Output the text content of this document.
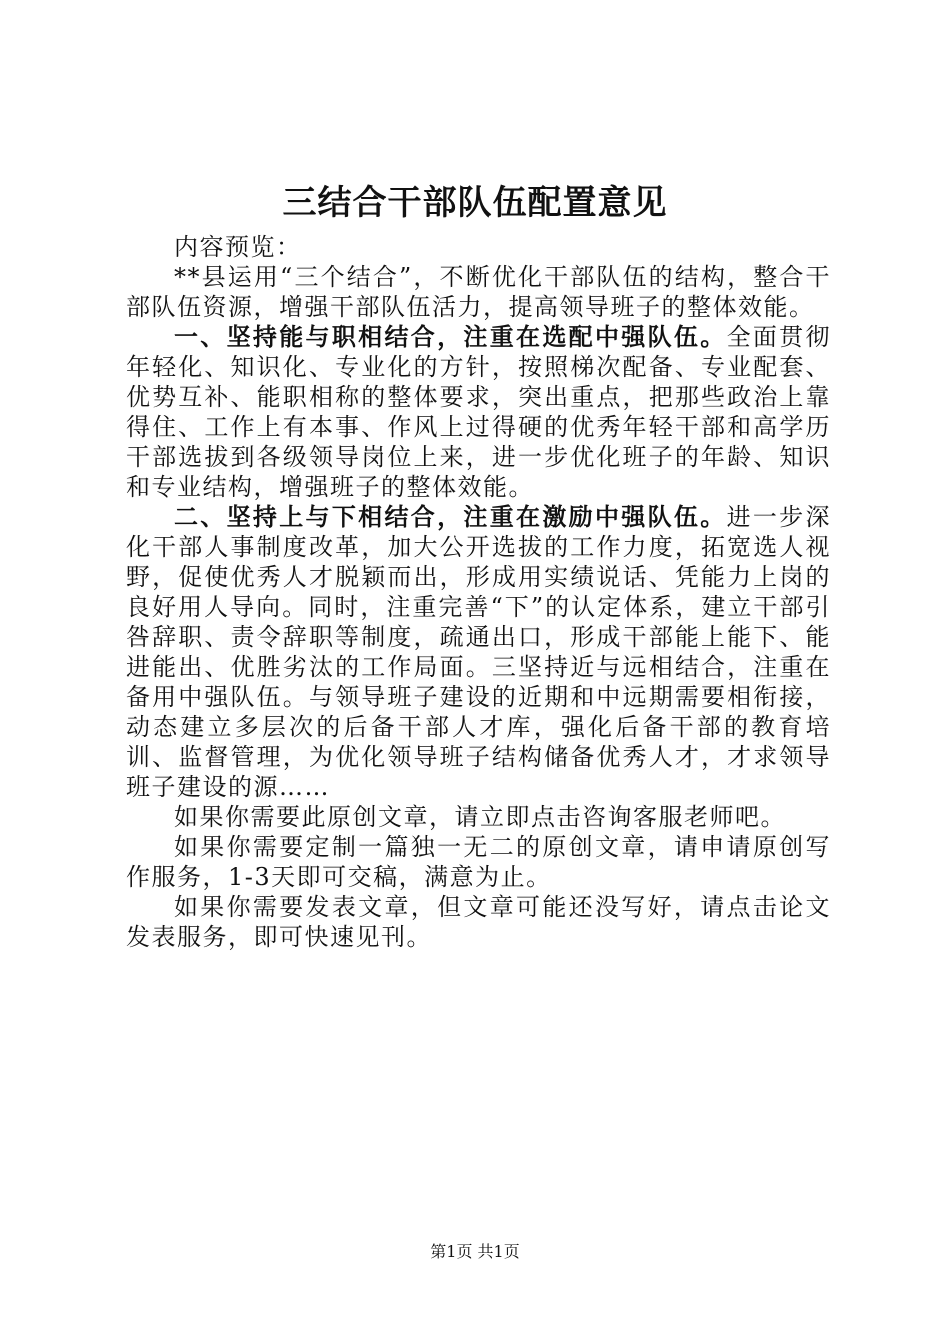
三结合干部队伍配置意见

内容预览：

**县运用“三个结合”，不断优化干部队伍的结构，整合干部队伍资源，增强干部队伍活力，提高领导班子的整体效能。

一、坚持能与职相结合，注重在选配中强队伍。全面贯彻年轻化、知识化、专业化的方针，按照梯次配备、专业配套、优势互补、能职相称的整体要求，突出重点，把那些政治上靠得住、工作上有本事、作风上过得硬的优秀年轻干部和高学历干部选拔到各级领导岗位上来，进一步优化班子的年龄、知识和专业结构，增强班子的整体效能。

二、坚持上与下相结合，注重在激励中强队伍。进一步深化干部人事制度改革，加大公开选拔的工作力度，拓宽选人视野，促使优秀人才脱颖而出，形成用实绩说话、凭能力上岗的良好用人导向。同时，注重完善“下”的认定体系，建立干部引咎辞职、责令辞职等制度，疏通出口，形成干部能上能下、能进能出、优胜劣汰的工作局面。三坚持近与远相结合，注重在备用中强队伍。与领导班子建设的近期和中远期需要相衔接，动态建立多层次的后备干部人才库，强化后备干部的教育培训、监督管理，为优化领导班子结构储备优秀人才，才求领导班子建设的源……

如果你需要此原创文章，请立即点击咨询客服老师吧。

如果你需要定制一篇独一无二的原创文章，请申请原创写作服务，1-3天即可交稿，满意为止。

如果你需要发表文章，但文章可能还没写好，请点击论文发表服务，即可快速见刊。

第1页 共1页
